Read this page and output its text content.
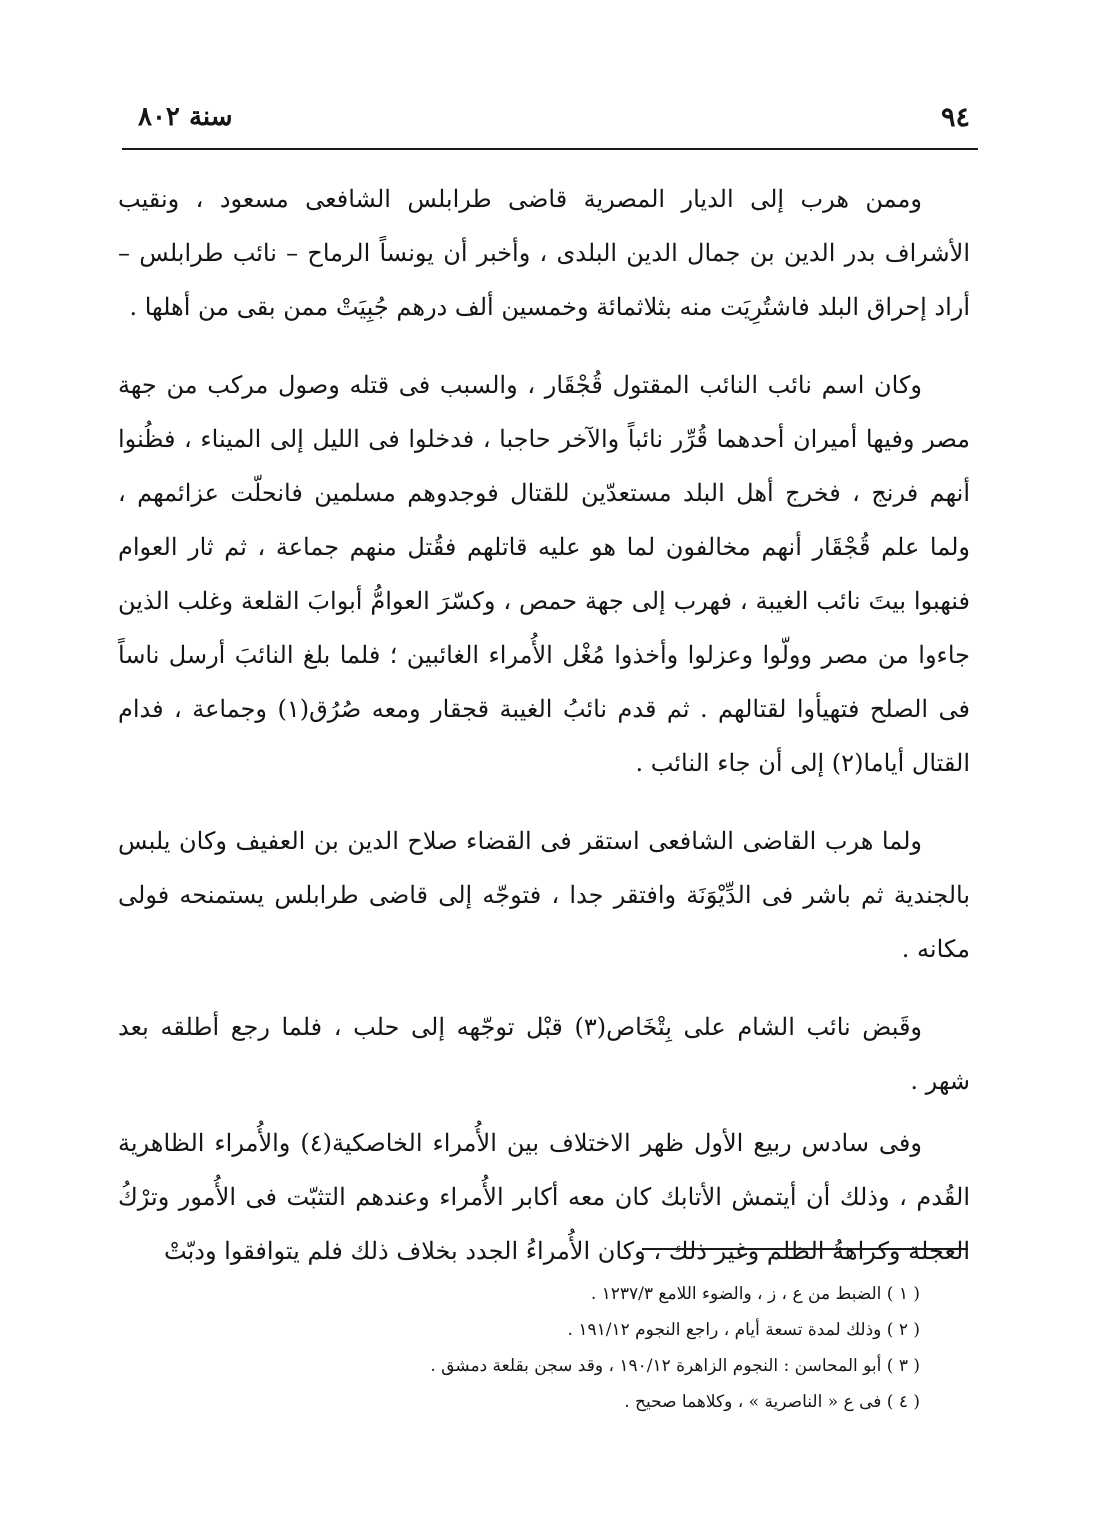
٩٤
سنة ٨٠٢

وممن هرب إلى الديار المصرية قاضى طرابلس الشافعى مسعود ، ونقيب الأشراف بدر الدين بن جمال الدين البلدى ، وأخبر أن يونساً الرماح – نائب طرابلس – أراد إحراق البلد فاشتُرِيَت منه بثلاثمائة وخمسين ألف درهم جُبِيَتْ ممن بقى من أهلها .

وكان اسم نائب النائب المقتول قُجْقَار ، والسبب فى قتله وصول مركب من جهة مصر وفيها أميران أحدهما قُرِّر نائباً والآخر حاجبا ، فدخلوا فى الليل إلى الميناء ، فظُنوا أنهم فرنج ، فخرج أهل البلد مستعدّين للقتال فوجدوهم مسلمين فانحلّت عزائمهم ، ولما علم قُجْقَار أنهم مخالفون لما هو عليه قاتلهم فقُتل منهم جماعة ، ثم ثار العوام فنهبوا بيتَ نائب الغيبة ، فهرب إلى جهة حمص ، وكسّرَ العوامُّ أبوابَ القلعة وغلب الذين جاءوا من مصر وولّوا وعزلوا وأخذوا مُغْل الأُمراء الغائبين ؛ فلما بلغ النائبَ أرسل ناساً فى الصلح فتهيأوا لقتالهم . ثم قدم نائبُ الغيبة قجقار ومعه صُرُق(١) وجماعة ، فدام القتال أياما(٢) إلى أن جاء النائب .

ولما هرب القاضى الشافعى استقر فى القضاء صلاح الدين بن العفيف وكان يلبس بالجندية ثم باشر فى الدِّيْوَنَة وافتقر جدا ، فتوجّه إلى قاضى طرابلس يستمنحه فولى مكانه .

وقَبض نائب الشام على بِتْخَاص(٣) قبْل توجّهه إلى حلب ، فلما رجع أطلقه بعد شهر .

وفى سادس ربيع الأول ظهر الاختلاف بين الأُمراء الخاصكية(٤) والأُمراء الظاهرية القُدم ، وذلك أن أيتمش الأتابك كان معه أكابر الأُمراء وعندهم التثبّت فى الأُمور وترْكُ العجلة وكراهةُ الظلم وغير ذلك ، وكان الأُمراءُ الجدد بخلاف ذلك فلم يتوافقوا ودبّتْ

( ١ ) الضبط من ع ، ز ، والضوء اللامع ١٢٣٧/٣ .
( ٢ ) وذلك لمدة تسعة أيام ، راجع النجوم ١٩١/١٢ .
( ٣ ) أبو المحاسن : النجوم الزاهرة ١٩٠/١٢ ، وقد سجن بقلعة دمشق .
( ٤ ) فى ع « الناصرية » ، وكلاهما صحيح .
